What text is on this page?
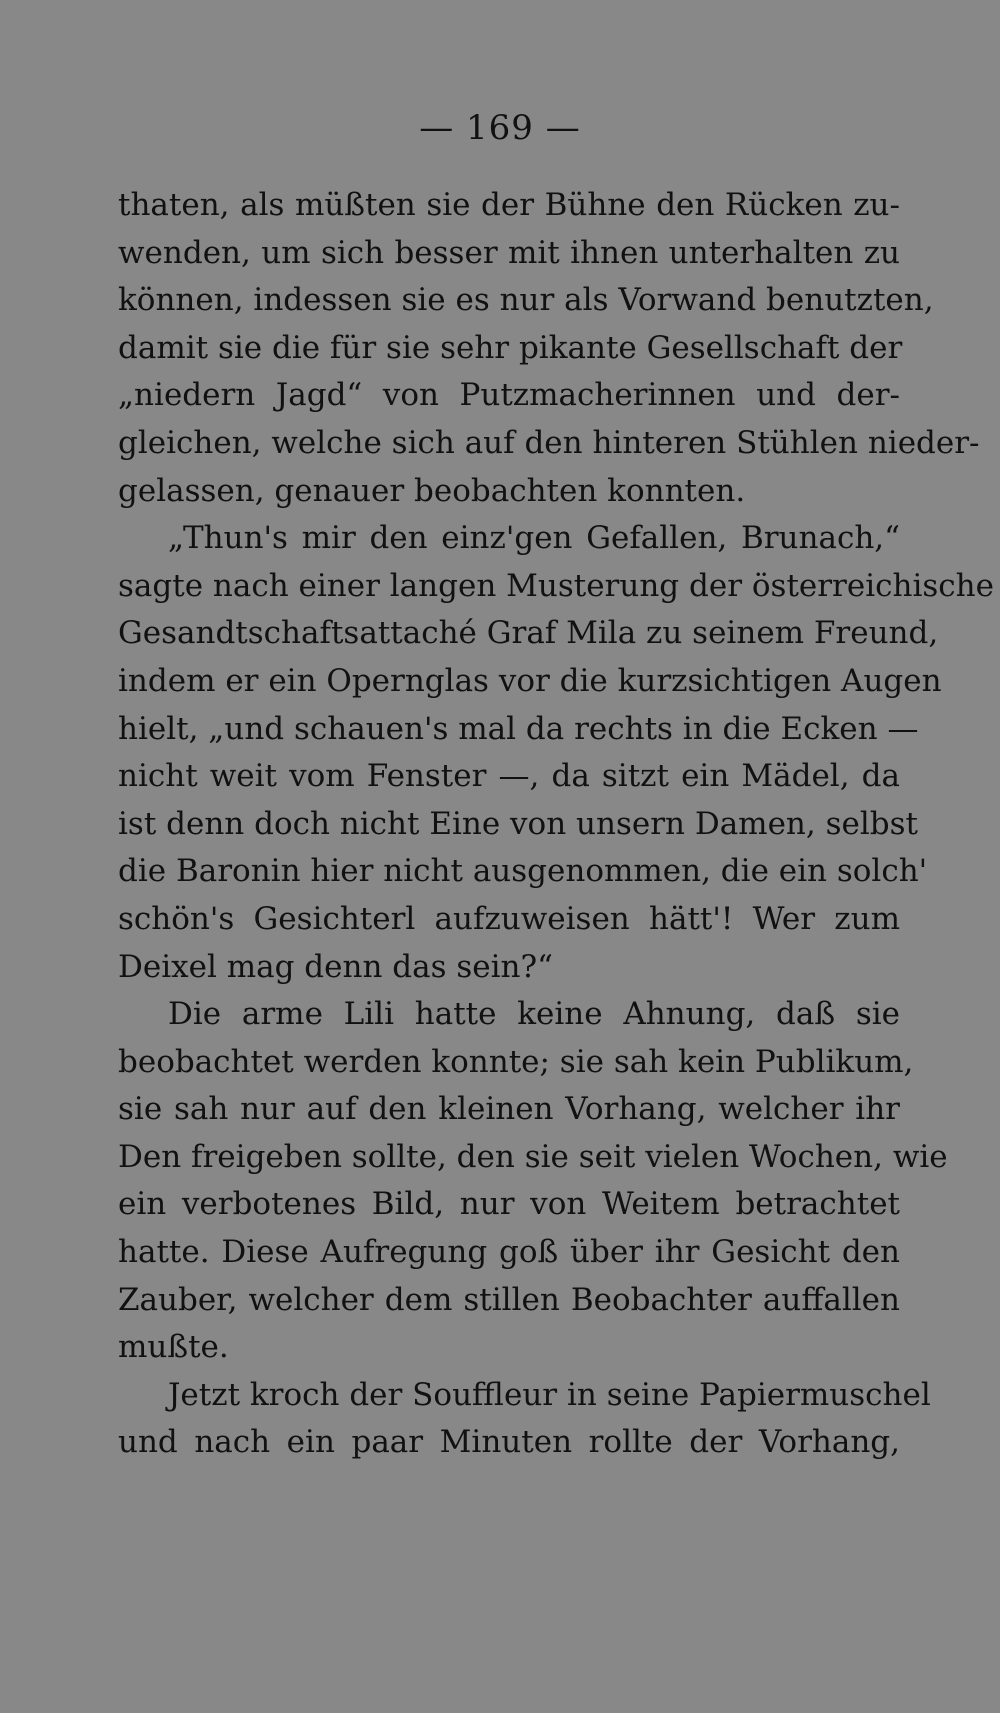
— 169 —
thaten, als müßten sie der Bühne den Rücken zu-
wenden, um sich besser mit ihnen unterhalten zu
können, indessen sie es nur als Vorwand benutzten,
damit sie die für sie sehr pikante Gesellschaft der
„niedern Jagd“ von Putzmacherinnen und der-
gleichen, welche sich auf den hinteren Stühlen nieder-
gelassen, genauer beobachten konnten.
„Thun's mir den einz'gen Gefallen, Brunach,“
sagte nach einer langen Musterung der österreichische
Gesandtschaftsattaché Graf Mila zu seinem Freund,
indem er ein Opernglas vor die kurzsichtigen Augen
hielt, „und schauen's mal da rechts in die Ecken —
nicht weit vom Fenster —, da sitzt ein Mädel, da
ist denn doch nicht Eine von unsern Damen, selbst
die Baronin hier nicht ausgenommen, die ein solch'
schön's Gesichterl aufzuweisen hätt'! Wer zum
Deixel mag denn das sein?“
Die arme Lili hatte keine Ahnung, daß sie
beobachtet werden konnte; sie sah kein Publikum,
sie sah nur auf den kleinen Vorhang, welcher ihr
Den freigeben sollte, den sie seit vielen Wochen, wie
ein verbotenes Bild, nur von Weitem betrachtet
hatte. Diese Aufregung goß über ihr Gesicht den
Zauber, welcher dem stillen Beobachter auffallen
mußte.
Jetzt kroch der Souffleur in seine Papiermuschel
und nach ein paar Minuten rollte der Vorhang,
